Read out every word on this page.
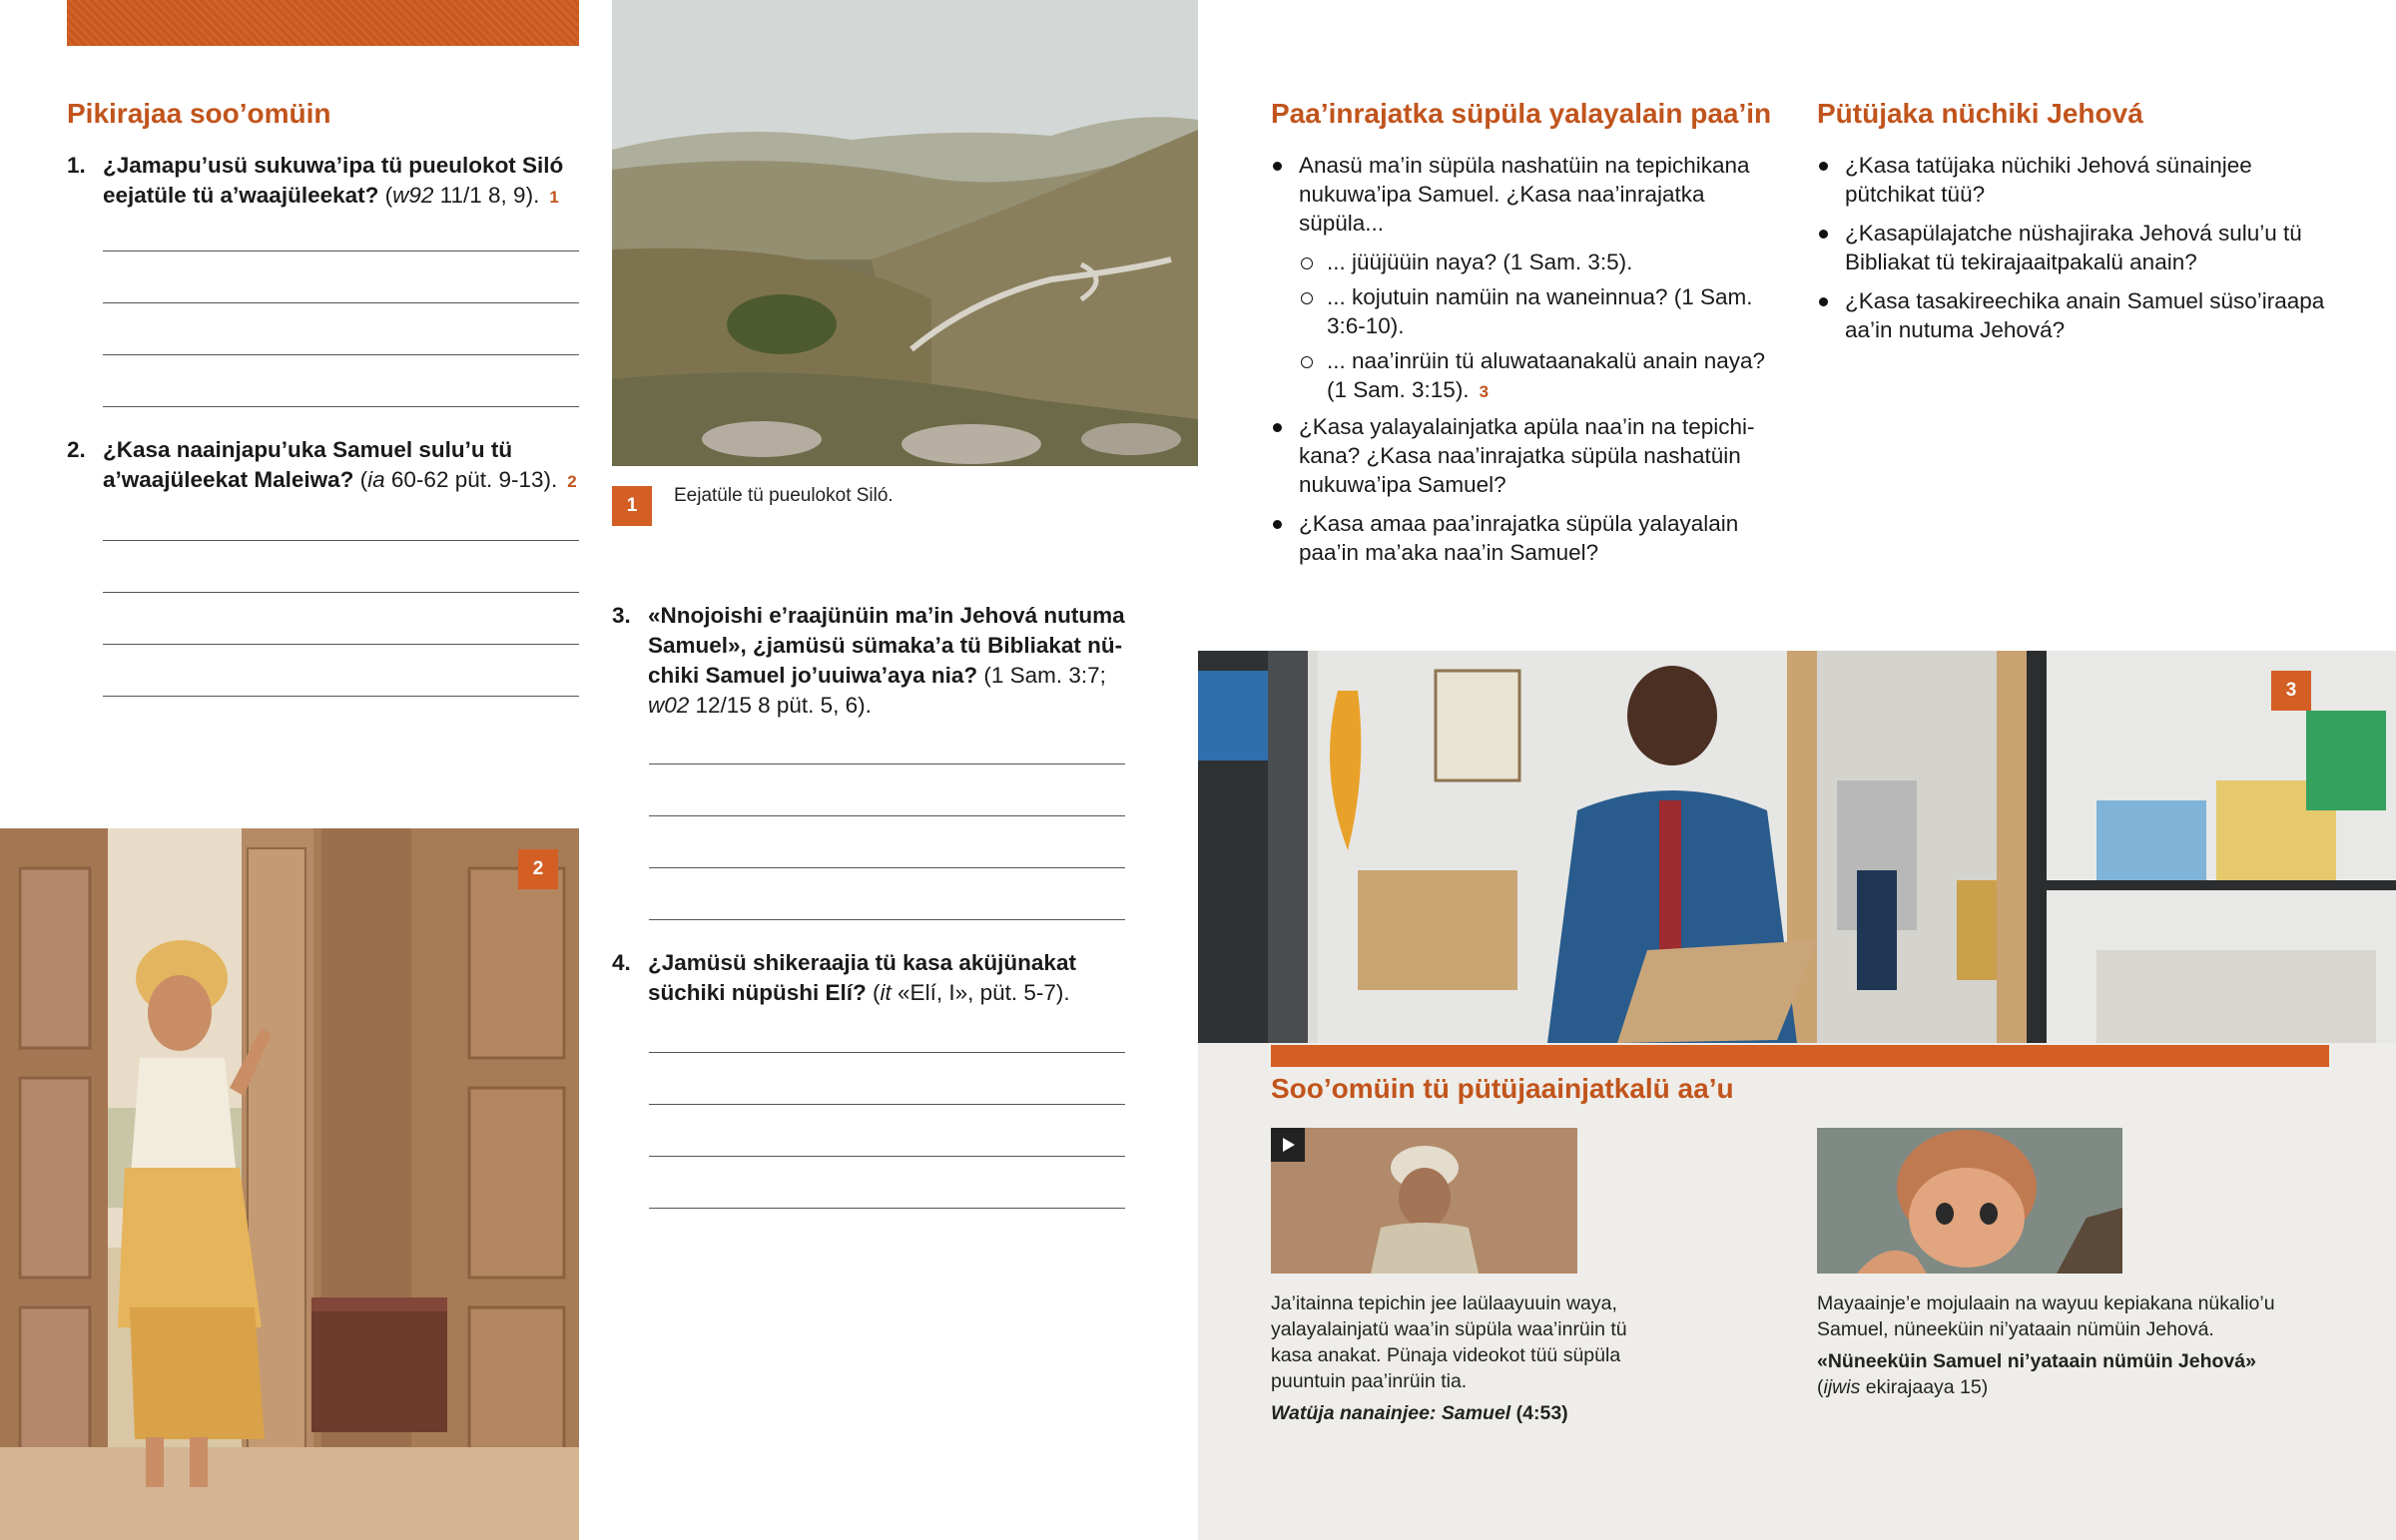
Pikirajaa soo’omüin
1. ¿Jamapu’usü sukuwa’ipa tü pueulokot Siló eejatüle tü a’waajüleekat? (w92 11/1 8, 9). 1
2. ¿Kasa naainjapu’uka Samuel sulu’u tü a’waajüleekat Maleiwa? (ia 60-62 püt. 9-13). 2
2
1	Eejatüle tü pueulokot Siló.
3. «Nnojoishi e’raajünüin ma’in Jehová nutuma Samuel», ¿jamüsü sümaka’a tü Bibliakat nüchiki Samuel jo’uuiwa’aya nia? (1 Sam. 3:7; w02 12/15 8 püt. 5, 6).
4. ¿Jamüsü shikeraajia tü kasa aküjünakat süchiki nüpüshi Elí? (it «Elí, I», püt. 5-7).
Paa’inrajatka süpüla yalayalain paa’in
Anasü ma’in süpüla nashatüin na tepichikana nukuwa’ipa Samuel. ¿Kasa naa’inrajatka süpüla...
... jüüjüüin naya? (1 Sam. 3:5).
... kojutuin namüin na waneinnua? (1 Sam. 3:6-10).
... naa’inrüin tü aluwataanakalü anain naya? (1 Sam. 3:15). 3
¿Kasa yalayalainjatka apüla naa’in na tepichikana? ¿Kasa naa’inrajatka süpüla nashatüin nukuwa’ipa Samuel?
¿Kasa amaa paa’inrajatka süpüla yalayalain paa’in ma’aka naa’in Samuel?
Pütüjaka nüchiki Jehová
¿Kasa tatüjaka nüchiki Jehová sünainjee pütchikat tüü?
¿Kasapülajatche nüshajiraka Jehová sulu’u tü Bibliakat tü tekirajaaitpakalü anain?
¿Kasa tasakireechika anain Samuel süso’iraapa aa’in nutuma Jehová?
3
Soo’omüin tü pütüjaainjatkalü aa’u
Ja’itainna tepichin jee laülaayuuin waya, yalayalainjatü waa’in süpüla waa’inrüin tü kasa anakat. Pünaja videokot tüü süpüla puuntuin paa’inrüin tia.
Watüja nanainjee: Samuel (4:53)
Mayaainje’e mojulaain na wayuu kepiakana nükalio’u Samuel, nüneeküin ni’yataain nümüin Jehová.
«Nüneeküin Samuel ni’yataain nümüin Jehová»
(ijwis ekirajaaya 15)
